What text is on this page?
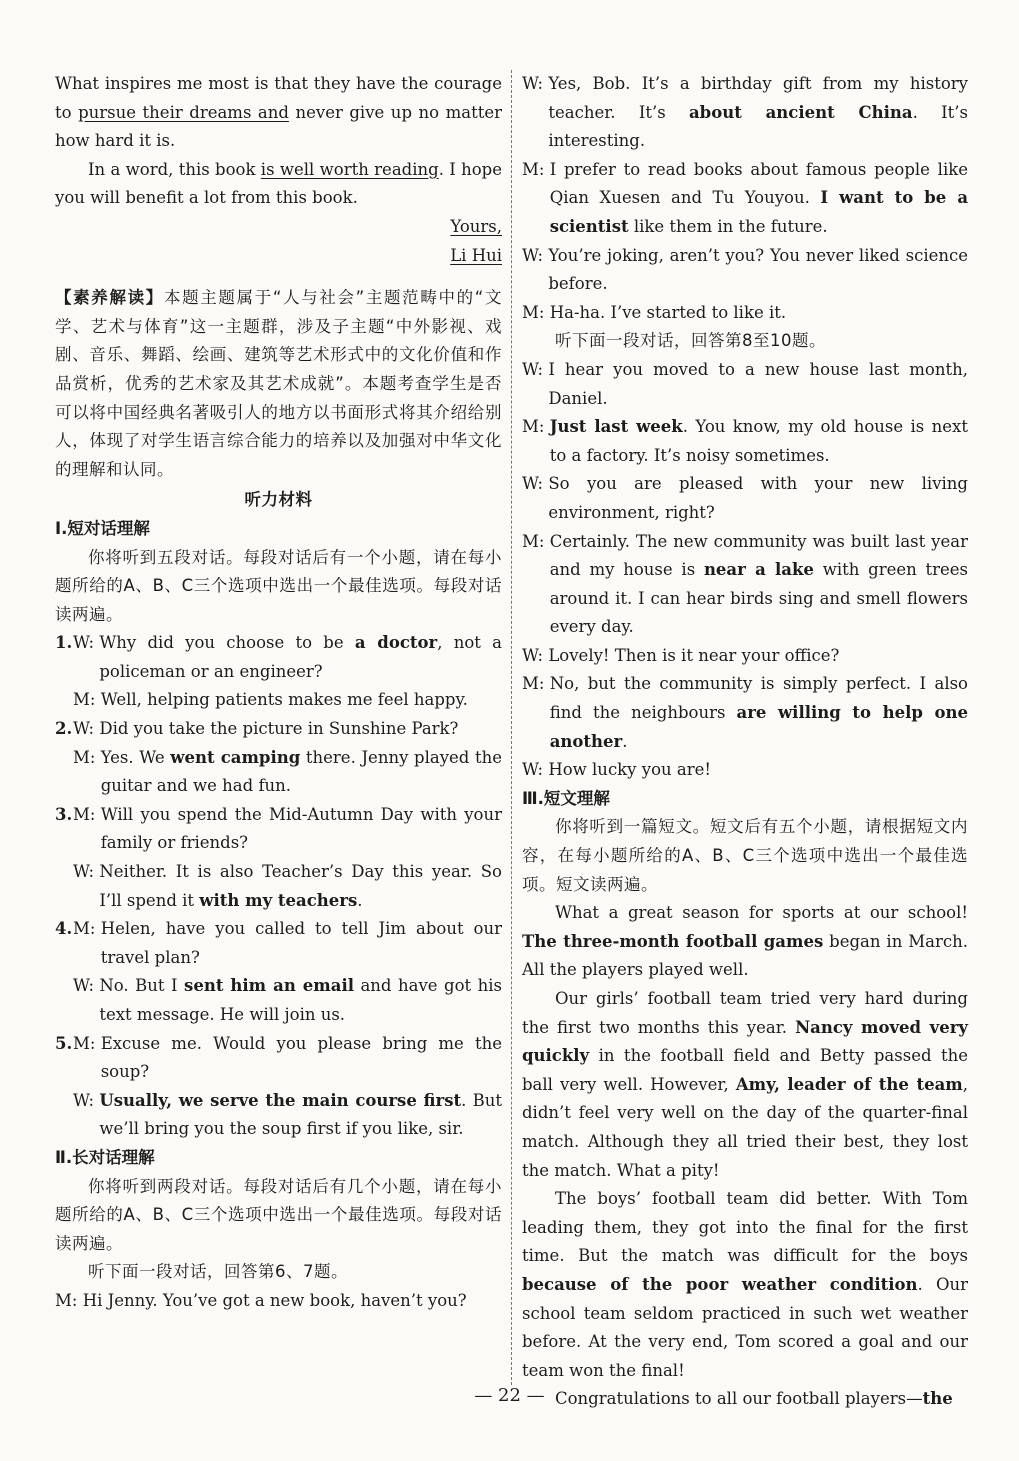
What inspires me most is that they have the courage to pursue their dreams and never give up no matter how hard it is.

In a word, this book is well worth reading. I hope you will benefit a lot from this book.

Yours,

Li Hui

【素养解读】本题主题属于“人与社会”主题范畴中的“文学、艺术与体育”这一主题群，涉及子主题“中外影视、戏剧、音乐、舞蹈、绘画、建筑等艺术形式中的文化价值和作品赏析，优秀的艺术家及其艺术成就”。本题考查学生是否可以将中国经典名著吸引人的地方以书面形式将其介绍给别人，体现了对学生语言综合能力的培养以及加强对中华文化的理解和认同。

听力材料

Ⅰ.短对话理解

你将听到五段对话。每段对话后有一个小题，请在每小题所给的A、B、C三个选项中选出一个最佳选项。每段对话读两遍。

1. W: Why did you choose to be a doctor, not a policeman or an engineer?
M: Well, helping patients makes me feel happy.
2. W: Did you take the picture in Sunshine Park?
M: Yes. We went camping there. Jenny played the guitar and we had fun.
3. M: Will you spend the Mid-Autumn Day with your family or friends?
W: Neither. It is also Teacher’s Day this year. So I’ll spend it with my teachers.
4. M: Helen, have you called to tell Jim about our travel plan?
W: No. But I sent him an email and have got his text message. He will join us.
5. M: Excuse me. Would you please bring me the soup?
W: Usually, we serve the main course first. But we’ll bring you the soup first if you like, sir.

Ⅱ.长对话理解

你将听到两段对话。每段对话后有几个小题，请在每小题所给的A、B、C三个选项中选出一个最佳选项。每段对话读两遍。

听下面一段对话，回答第6、7题。

M: Hi Jenny. You’ve got a new book, haven’t you?
W: Yes, Bob. It’s a birthday gift from my history teacher. It’s about ancient China. It’s interesting.
M: I prefer to read books about famous people like Qian Xuesen and Tu Youyou. I want to be a scientist like them in the future.
W: You’re joking, aren’t you? You never liked science before.
M: Ha-ha. I’ve started to like it.

听下面一段对话，回答第8至10题。

W: I hear you moved to a new house last month, Daniel.
M: Just last week. You know, my old house is next to a factory. It’s noisy sometimes.
W: So you are pleased with your new living environment, right?
M: Certainly. The new community was built last year and my house is near a lake with green trees around it. I can hear birds sing and smell flowers every day.
W: Lovely! Then is it near your office?
M: No, but the community is simply perfect. I also find the neighbours are willing to help one another.
W: How lucky you are!

Ⅲ.短文理解

你将听到一篇短文。短文后有五个小题，请根据短文内容，在每小题所给的A、B、C三个选项中选出一个最佳选项。短文读两遍。

What a great season for sports at our school! The three-month football games began in March. All the players played well.

Our girls’ football team tried very hard during the first two months this year. Nancy moved very quickly in the football field and Betty passed the ball very well. However, Amy, leader of the team, didn’t feel very well on the day of the quarter-final match. Although they all tried their best, they lost the match. What a pity!

The boys’ football team did better. With Tom leading them, they got into the final for the first time. But the match was difficult for the boys because of the poor weather condition. Our school team seldom practiced in such wet weather before. At the very end, Tom scored a goal and our team won the final!

Congratulations to all our football players—the

— 22 —
